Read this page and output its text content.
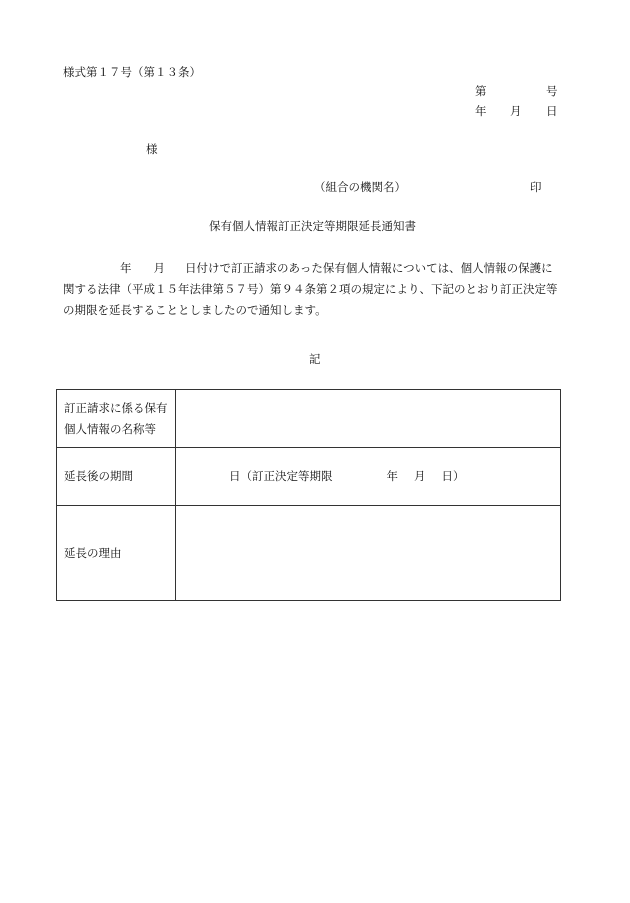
様式第１７号（第１３条）
第	号
年 月 日
様
（組合の機関名）	印
保有個人情報訂正決定等期限延長通知書

年 月 日付けで訂正請求のあった保有個人情報については、個人情報の保護に

関する法律（平成１５年法律第５７号）第９４条第２項の規定により、下記のとおり訂正決定等

の期限を延長することとしましたので通知します。

記
訂正請求に係る保有
個人情報の名称等	

延長後の期間	日（訂正決定等期限 年 月 日）
延長の理由	
